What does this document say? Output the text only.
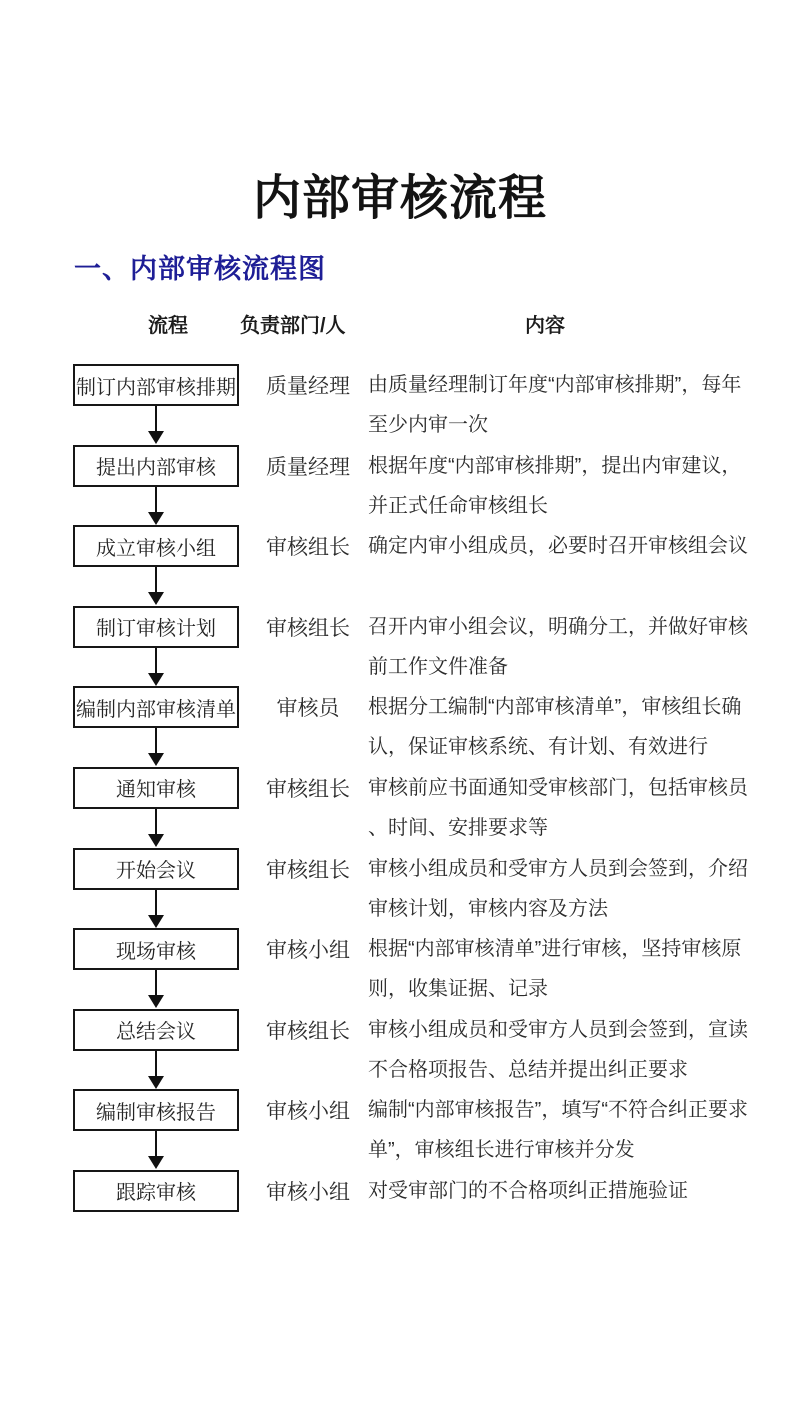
内部审核流程
一、内部审核流程图
流程	负责部门/人	内容
制订内部审核排期	质量经理 由质量经理制订年度“内部审核排期”，每年至少内审一次
提出内部审核	质量经理 根据年度“内部审核排期”，提出内审建议，并正式任命审核组长
成立审核小组	审核组长 确定内审小组成员，必要时召开审核组会议
制订审核计划	审核组长 召开内审小组会议，明确分工，并做好审核前工作文件准备
编制内部审核清单	审核员	根据分工编制“内部审核清单”，审核组长确认，保证审核系统、有计划、有效进行
通知审核	审核组长 审核前应书面通知受审核部门，包括审核员、时间、安排要求等
开始会议	审核组长 审核小组成员和受审方人员到会签到，介绍审核计划，审核内容及方法
现场审核	审核小组 根据“内部审核清单”进行审核，坚持审核原则，收集证据、记录
总结会议	审核组长 审核小组成员和受审方人员到会签到，宣读不合格项报告、总结并提出纠正要求
编制审核报告	审核小组 编制“内部审核报告”，填写“不符合纠正要求单”，审核组长进行审核并分发
跟踪审核	审核小组 对受审部门的不合格项纠正措施验证
